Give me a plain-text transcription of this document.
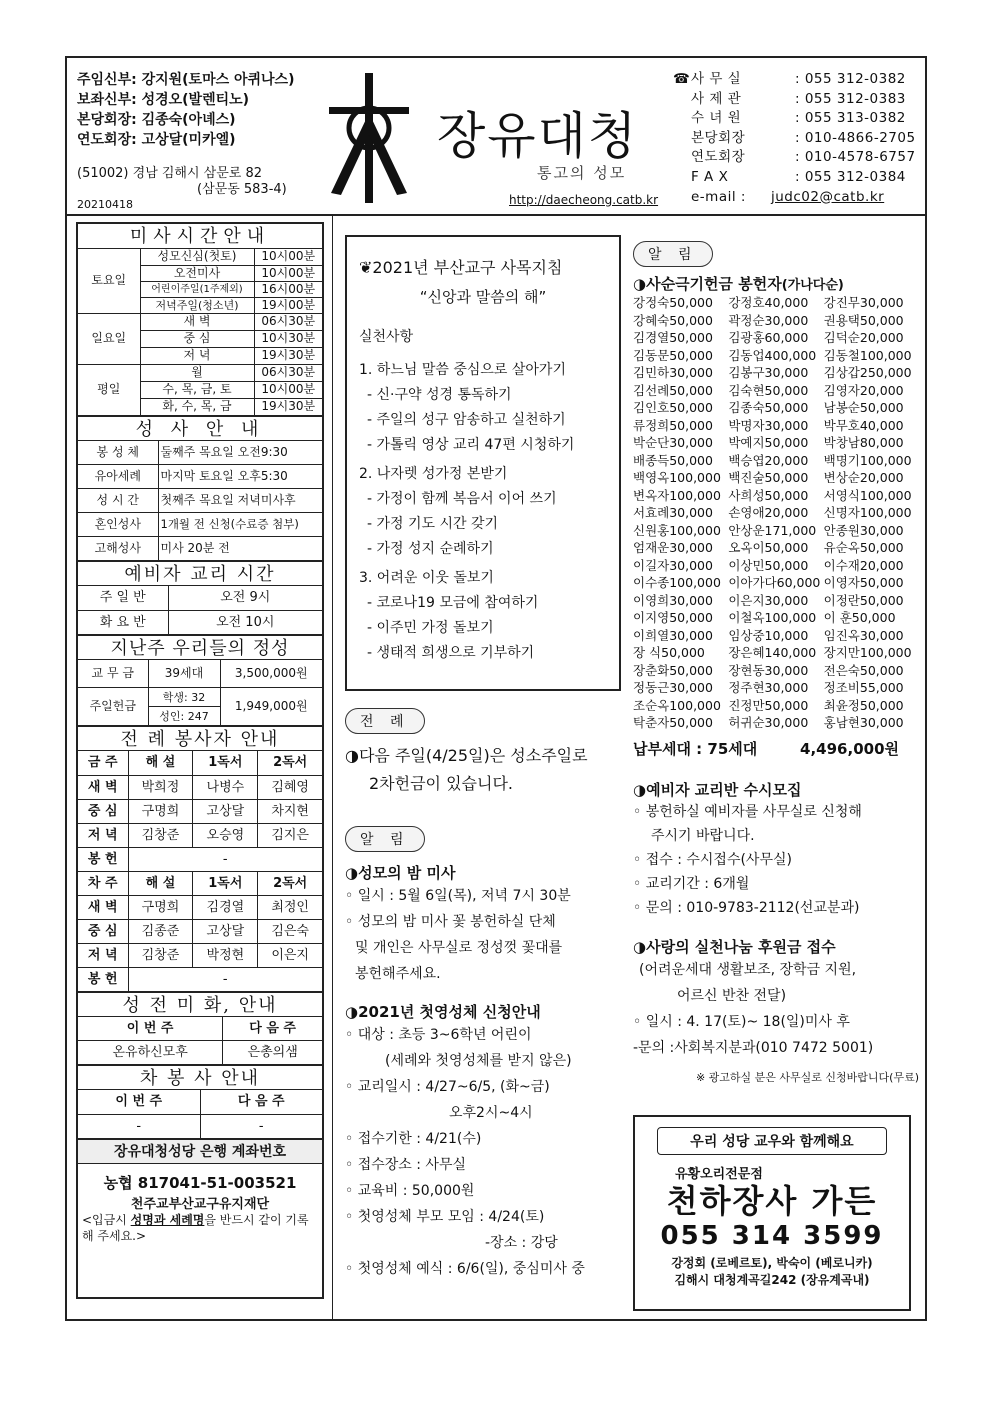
주임신부: 강지원(토마스 아퀴나스)
보좌신부: 성경오(발렌티노)
본당회장: 김종숙(아녜스)
연도회장: 고상달(미카엘)
(51002) 경남 김해시 삼문로 82
(삼문동 583-4)
20210418
장유대청
통고의 성모
http://daecheong.catb.kr
☎ 사 무 실	: 055 312-0382
사 제 관	: 055 312-0383
수 녀 원	: 055 313-0382
본당회장	: 010-4866-2705
연도회장	: 010-4578-6757
F A X	: 055 312-0384
e-mail :	judc02@catb.kr
미사시간안내
토요일	성모신심(첫토)	10시00분
	오전미사	10시00분
	어린이주일(1주제외)	16시00분
	저녁주일(청소년)	19시00분
일요일	새 벽	06시30분
	중 심	10시30분
	저 녁	19시30분
평일	월	06시30분
	수, 목, 금, 토	10시00분
	화, 수, 목, 금	19시30분
성 사 안 내
봉 성 체	둘째주 목요일 오전9:30
유아세례	마지막 토요일 오후5:30
성 시 간	첫째주 목요일 저녁미사후
혼인성사	1개월 전 신청(수료증 첨부)
고해성사	미사 20분 전
예비자 교리 시간
주 일 반	오전 9시
화 요 반	오전 10시
지난주 우리들의 정성
교 무 금	39세대	3,500,000원
주일헌금	학생: 32	1,949,000원
	성인: 247	
전 례 봉사자 안내
금 주	해 설	1독서	2독서
새 벽	박희정	나병수	김혜영
중 심	구명희	고상달	차지현
저 녁	김창준	오승영	김지은
봉 헌	-		
차 주	해 설	1독서	2독서
새 벽	구명희	김경열	최정인
중 심	김종준	고상달	김은숙
저 녁	김창준	박정현	이은지
봉 헌	-		
성 전 미 화, 안내
이 번 주	다 음 주
온유하신모후	은총의샘
차 봉 사 안내
이 번 주	다 음 주
-	-
장유대청성당 은행 계좌번호
농협 817041-51-003521
천주교부산교구유지재단
<입금시 성명과 세례명을 반드시 같이 기록해 주세요.>
❦2021년 부산교구 사목지침
“신앙과 말씀의 해”

실천사항

1. 하느님 말씀 중심으로 살아가기

- 신·구약 성경 통독하기

- 주일의 성구 암송하고 실천하기

- 가톨릭 영상 교리 47편 시청하기

2. 나자렛 성가정 본받기

- 가정이 함께 복음서 이어 쓰기

- 가정 기도 시간 갖기

- 가정 성지 순례하기

3. 어려운 이웃 돌보기

- 코로나19 모금에 참여하기

- 이주민 가정 돌보기

- 생태적 희생으로 기부하기

전 례
◑다음 주일(4/25일)은 성소주일로
2차헌금이 있습니다.
알 림
◑성모의 밤 미사
◦ 일시 : 5월 6일(목), 저녁 7시 30분
◦ 성모의 밤 미사 꽃 봉헌하실 단체
및 개인은 사무실로 정성껏 꽃대를
봉헌해주세요.
◑2021년 첫영성체 신청안내
◦ 대상 : 초등 3~6학년 어린이
(세례와 첫영성체를 받지 않은)
◦ 교리일시 : 4/27~6/5, (화~금)
오후2시~4시
◦ 접수기한 : 4/21(수)
◦ 접수장소 : 사무실
◦ 교육비 : 50,000원
◦ 첫영성체 부모 모임 : 4/24(토)
-장소 : 강당
◦ 첫영성체 예식 : 6/6(일), 중심미사 중
알 림
◑사순극기헌금 봉헌자(가나다순)
강정숙50,000	강정호40,000	강진무30,000
강혜숙50,000	곽정순30,000	권용택50,000
김경열50,000	김광홍60,000	김덕순20,000
김동문50,000	김동업400,000 김동철100,000
김민하30,000	김봉구30,000	김상갑250,000
김선례50,000	김숙현50,000	김영자20,000
김인호50,000	김종숙50,000	남봉순50,000
류정희50,000	박명자30,000	박무호40,000
박순단30,000	박예지50,000	박창남80,000
배종득50,000	백승엽20,000	백명기100,000
백영옥100,000 백진술50,000	변상순20,000
변옥자100,000 사희성50,000	서영식100,000
서효례30,000	손영애20,000	신명자100,000
신원홍100,000 안상운171,000 안종원30,000
엄재운30,000	오옥이50,000	유순옥50,000
이길자30,000	이상민50,000	이수재20,000
이수종100,000 이아가다60,000 이영자50,000
이영희30,000	이은지30,000	이정란50,000
이지영50,000	이철옥100,000 이 훈50,000
이희열30,000	임상중10,000	임진옥30,000
장 식50,000	장은혜140,000 장지만100,000
장춘화50,000	장현동30,000	전은숙50,000
정동근30,000	정주현30,000	정조비55,000
조순옥100,000 진정만50,000	최윤정50,000
탁춘자50,000	허귀순30,000	홍남현30,000
납부세대 : 75세대	4,496,000원
◑예비자 교리반 수시모집
◦ 봉헌하실 예비자를 사무실로 신청해
주시기 바랍니다.
◦ 접수 : 수시접수(사무실)
◦ 교리기간 : 6개월
◦ 문의 : 010-9783-2112(선교분과)
◑사랑의 실천나눔 후원금 접수
(어려운세대 생활보조, 장학금 지원,
어르신 반찬 전달)
◦ 일시 : 4. 17(토)~ 18(일)미사 후
-문의 :사회복지분과(010 7472 5001)
※ 광고하실 분은 사무실로 신청바랍니다(무료)
우리 성당 교우와 함께해요
유황오리전문점
천하장사 가든
055 314 3599
강정회 (로베르토), 박숙이 (베로니카)
김해시 대청계곡길242 (장유계곡내)
